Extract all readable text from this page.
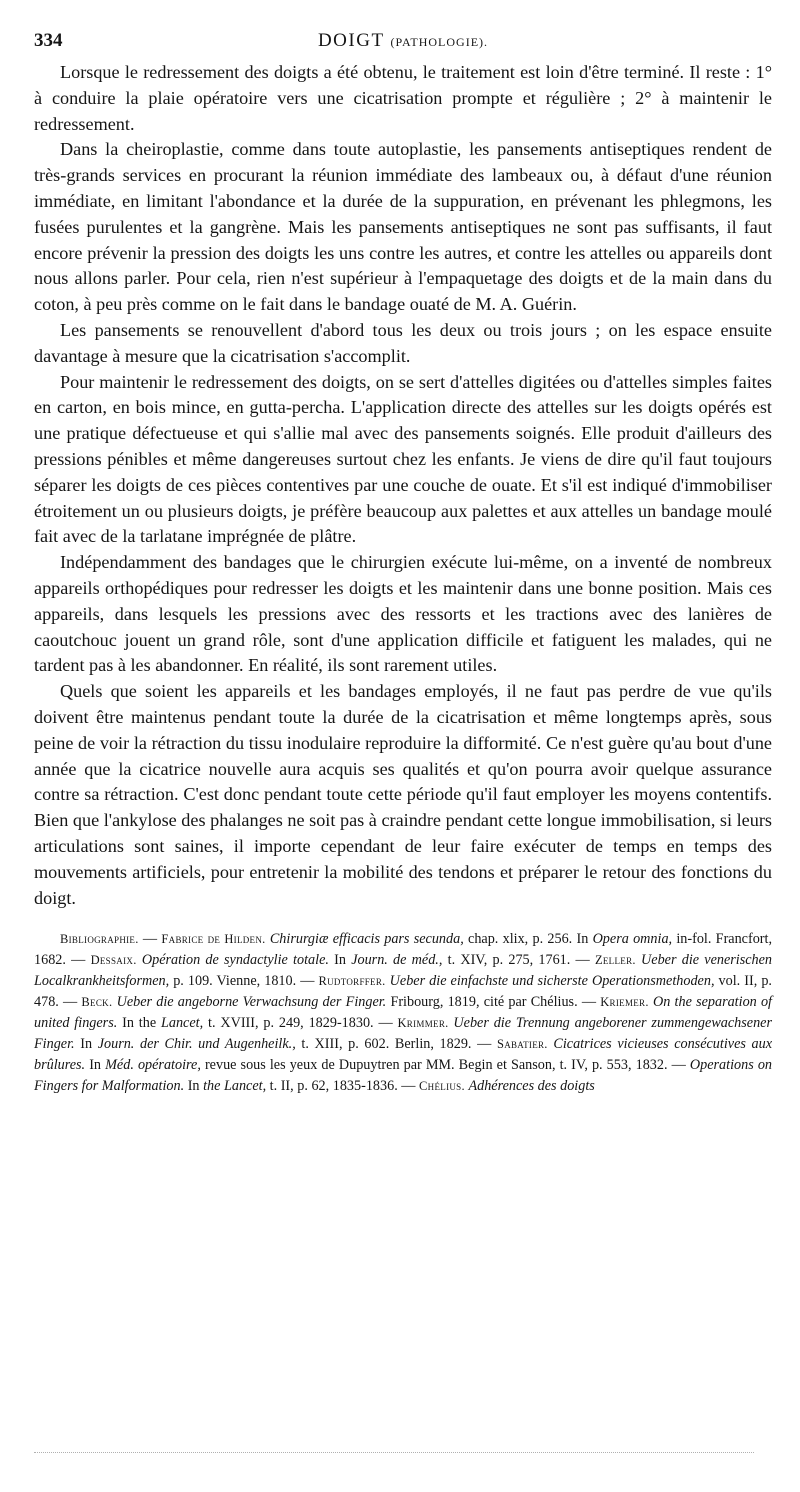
334	DOIGT (PATHOLOGIE).

Lorsque le redressement des doigts a été obtenu, le traitement est loin d'être terminé. Il reste : 1° à conduire la plaie opératoire vers une cicatrisation prompte et régulière ; 2° à maintenir le redressement.

Dans la cheiroplastie, comme dans toute autoplastie, les pansements antiseptiques rendent de très-grands services en procurant la réunion immédiate des lambeaux ou, à défaut d'une réunion immédiate, en limitant l'abondance et la durée de la suppuration, en prévenant les phlegmons, les fusées purulentes et la gangrène. Mais les pansements antiseptiques ne sont pas suffisants, il faut encore prévenir la pression des doigts les uns contre les autres, et contre les attelles ou appareils dont nous allons parler. Pour cela, rien n'est supérieur à l'empaquetage des doigts et de la main dans du coton, à peu près comme on le fait dans le bandage ouaté de M. A. Guérin.

Les pansements se renouvellent d'abord tous les deux ou trois jours ; on les espace ensuite davantage à mesure que la cicatrisation s'accomplit.

Pour maintenir le redressement des doigts, on se sert d'attelles digitées ou d'attelles simples faites en carton, en bois mince, en gutta-percha. L'application directe des attelles sur les doigts opérés est une pratique défectueuse et qui s'allie mal avec des pansements soignés. Elle produit d'ailleurs des pressions pénibles et même dangereuses surtout chez les enfants. Je viens de dire qu'il faut toujours séparer les doigts de ces pièces contentives par une couche de ouate. Et s'il est indiqué d'immobiliser étroitement un ou plusieurs doigts, je préfère beaucoup aux palettes et aux attelles un bandage moulé fait avec de la tarlatane imprégnée de plâtre.

Indépendamment des bandages que le chirurgien exécute lui-même, on a inventé de nombreux appareils orthopédiques pour redresser les doigts et les maintenir dans une bonne position. Mais ces appareils, dans lesquels les pressions avec des ressorts et les tractions avec des lanières de caoutchouc jouent un grand rôle, sont d'une application difficile et fatiguent les malades, qui ne tardent pas à les abandonner. En réalité, ils sont rarement utiles.

Quels que soient les appareils et les bandages employés, il ne faut pas perdre de vue qu'ils doivent être maintenus pendant toute la durée de la cicatrisation et même longtemps après, sous peine de voir la rétraction du tissu inodulaire reproduire la difformité. Ce n'est guère qu'au bout d'une année que la cicatrice nouvelle aura acquis ses qualités et qu'on pourra avoir quelque assurance contre sa rétraction. C'est donc pendant toute cette période qu'il faut employer les moyens contentifs. Bien que l'ankylose des phalanges ne soit pas à craindre pendant cette longue immobilisation, si leurs articulations sont saines, il importe cependant de leur faire exécuter de temps en temps des mouvements artificiels, pour entretenir la mobilité des tendons et préparer le retour des fonctions du doigt.

Bibliographie. — Fabrice de Hilden. Chirurgiæ efficacis pars secunda, chap. xlix, p. 256. In Opera omnia, in-fol. Francfort, 1682. — Dessaix. Opération de syndactylie totale. In Journ. de méd., t. XIV, p. 275, 1761. — Zeller. Ueber die venerischen Localkrankheitsformen, p. 109. Vienne, 1810. — Rudtorffer. Ueber die einfachste und sicherste Operationsmethoden, vol. II, p. 478. — Beck. Ueber die angeborne Verwachsung der Finger. Fribourg, 1819, cité par Chélius. — Kriemer. On the separation of united fingers. In the Lancet, t. XVIII, p. 249, 1829-1830. — Krimmer. Ueber die Trennung angeborener zummengewachsener Finger. In Journ. der Chir. und Augenheilk., t. XIII, p. 602. Berlin, 1829. — Sabatier. Cicatrices vicieuses consécutives aux brûlures. In Méd. opératoire, revue sous les yeux de Dupuytren par MM. Begin et Sanson, t. IV, p. 553, 1832. — Operations on Fingers for Malformation. In the Lancet, t. II, p. 62, 1835-1836. — Chélius. Adhérences des doigts
